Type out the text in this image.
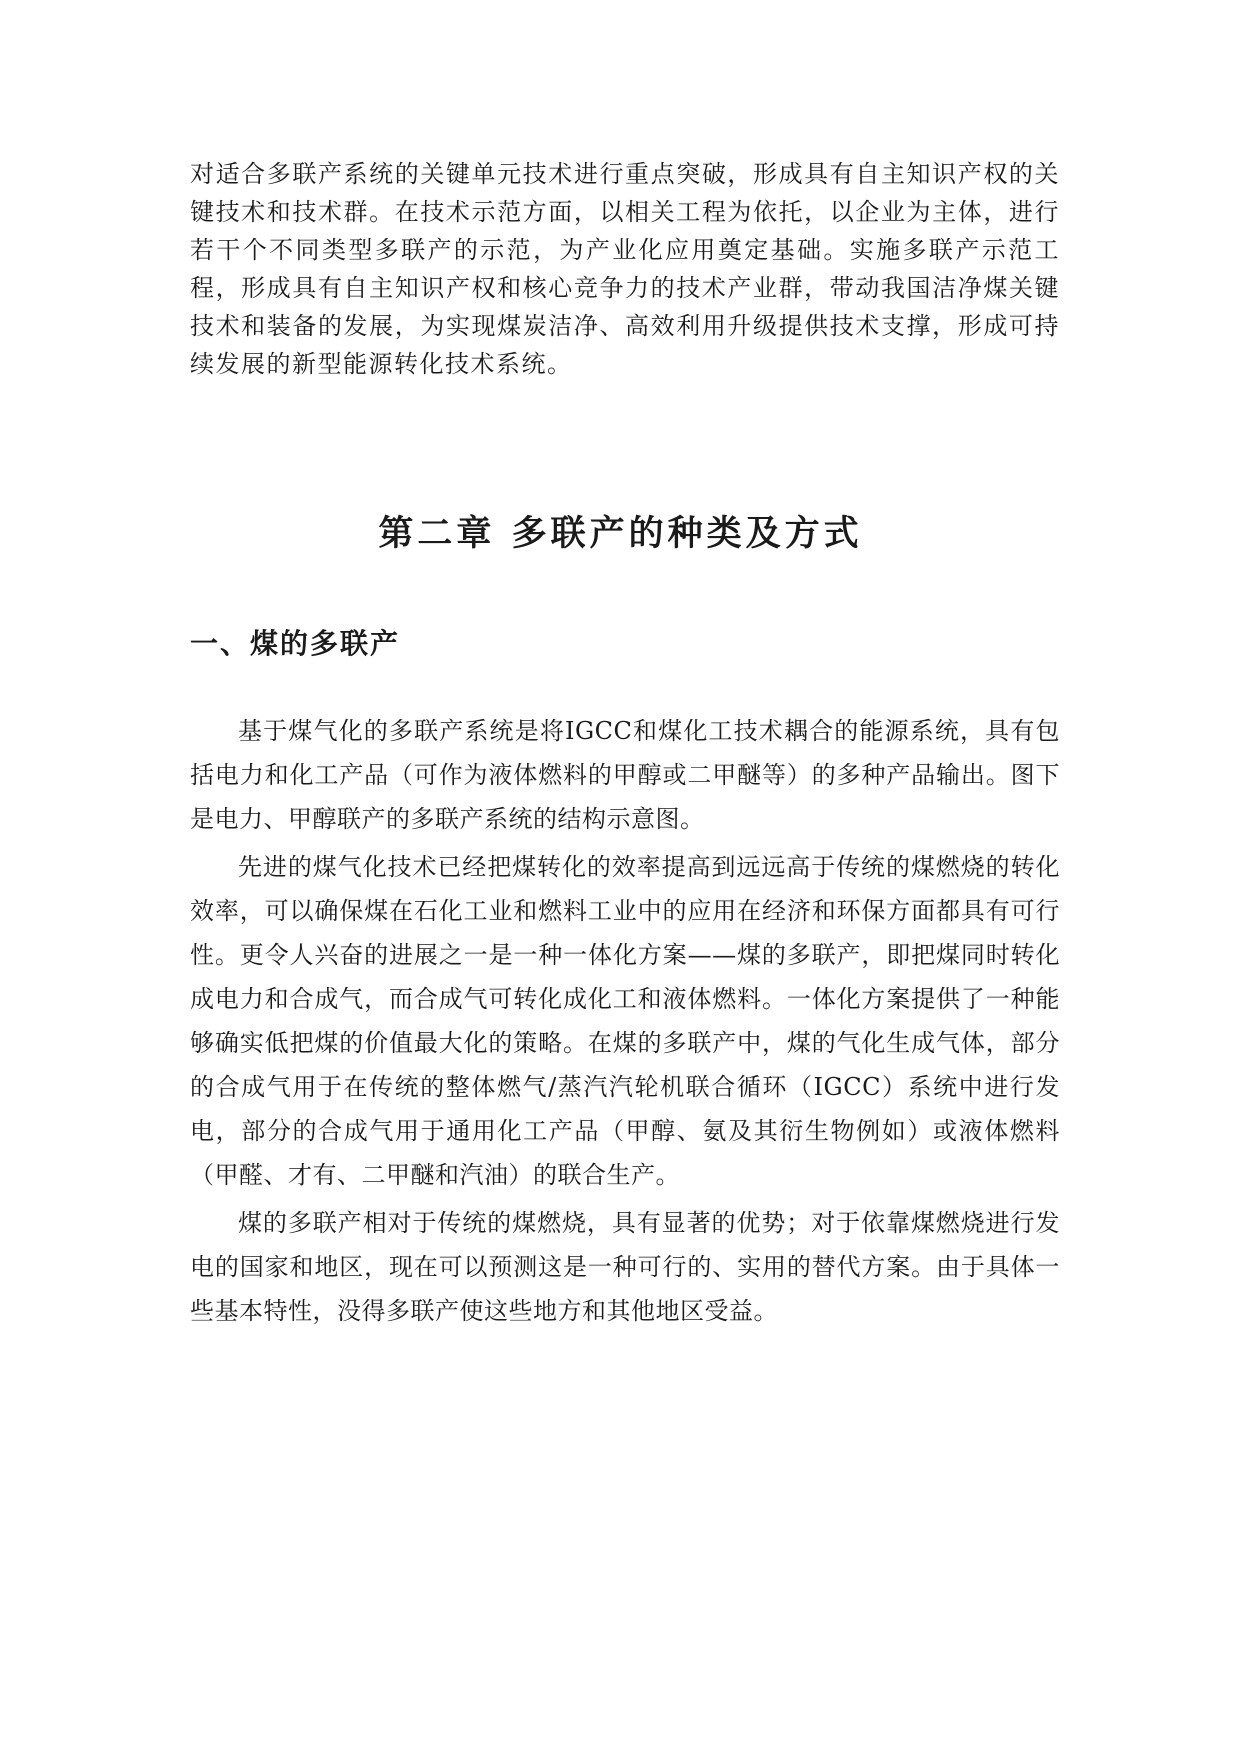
对适合多联产系统的关键单元技术进行重点突破，形成具有自主知识产权的关键技术和技术群。在技术示范方面，以相关工程为依托，以企业为主体，进行若干个不同类型多联产的示范，为产业化应用奠定基础。实施多联产示范工程，形成具有自主知识产权和核心竞争力的技术产业群，带动我国洁净煤关键技术和装备的发展，为实现煤炭洁净、高效利用升级提供技术支撑，形成可持续发展的新型能源转化技术系统。

第二章 多联产的种类及方式
一、煤的多联产

基于煤气化的多联产系统是将IGCC和煤化工技术耦合的能源系统，具有包括电力和化工产品（可作为液体燃料的甲醇或二甲醚等）的多种产品输出。图下是电力、甲醇联产的多联产系统的结构示意图。

先进的煤气化技术已经把煤转化的效率提高到远远高于传统的煤燃烧的转化效率，可以确保煤在石化工业和燃料工业中的应用在经济和环保方面都具有可行性。更令人兴奋的进展之一是一种一体化方案——煤的多联产，即把煤同时转化成电力和合成气，而合成气可转化成化工和液体燃料。一体化方案提供了一种能够确实低把煤的价值最大化的策略。在煤的多联产中，煤的气化生成气体，部分的合成气用于在传统的整体燃气/蒸汽汽轮机联合循环（IGCC）系统中进行发电，部分的合成气用于通用化工产品（甲醇、氨及其衍生物例如）或液体燃料（甲醛、才有、二甲醚和汽油）的联合生产。

煤的多联产相对于传统的煤燃烧，具有显著的优势；对于依靠煤燃烧进行发电的国家和地区，现在可以预测这是一种可行的、实用的替代方案。由于具体一些基本特性，没得多联产使这些地方和其他地区受益。
